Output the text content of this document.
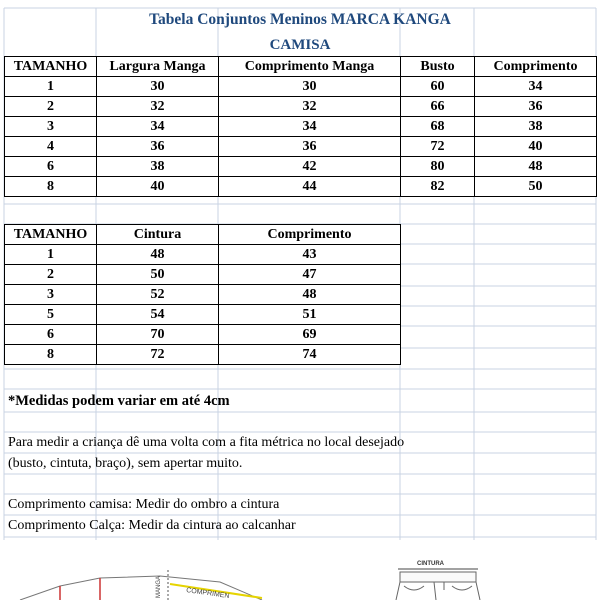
Tabela Conjuntos Meninos MARCA KANGA
CAMISA
TAMANHO	Largura Manga	Comprimento Manga	Busto	Comprimento
1	30	30	60	34
2	32	32	66	36
3	34	34	68	38
4	36	36	72	40
6	38	42	80	48
8	40	44	82	50
TAMANHO	Cintura	Comprimento
1	48	43
2	50	47
3	52	48
5	54	51
6	70	69
8	72	74
*Medidas podem variar em até 4cm
Para medir a criança dê uma volta com a fita métrica no local desejado
(busto, cintuta, braço), sem apertar muito.
Comprimento camisa: Medir do ombro a cintura
Comprimento Calça: Medir da cintura ao calcanhar
MANGA	COMPRIMEN
CINTURA
